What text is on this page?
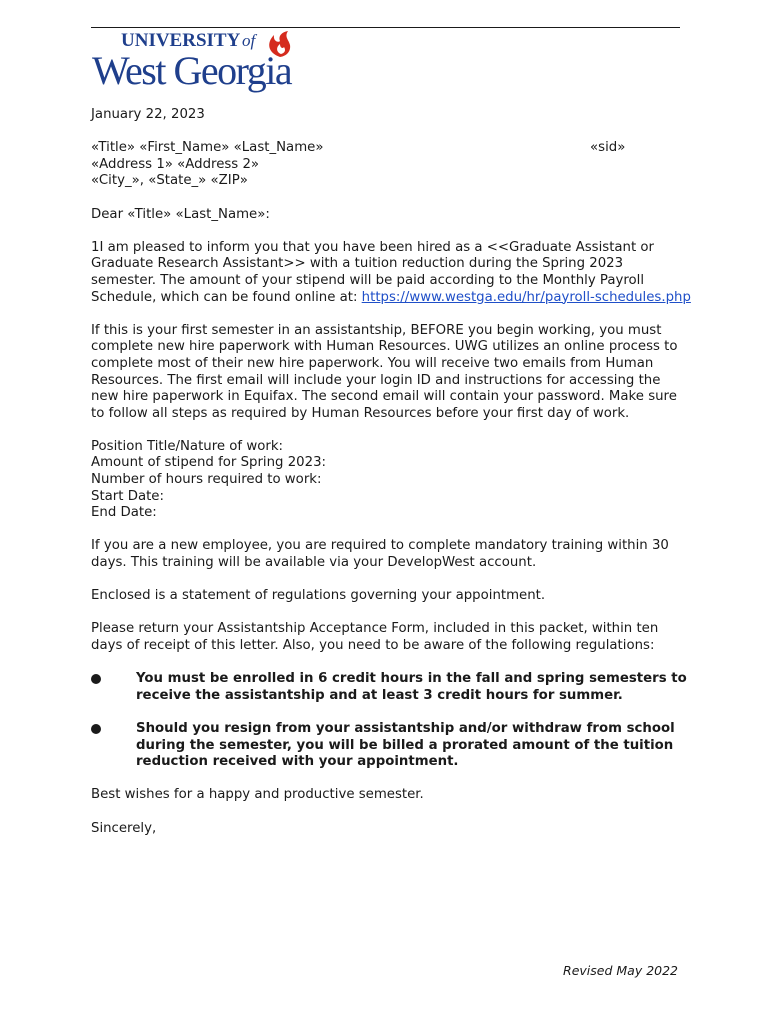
UNIVERSITY of
West Georgia

January 22, 2023

«Title» «First_Name» «Last_Name»	«sid»
«Address 1» «Address 2»
«City_», «State_» «ZIP»

Dear «Title» «Last_Name»:

1I am pleased to inform you that you have been hired as a <<Graduate Assistant or Graduate Research Assistant>> with a tuition reduction during the Spring 2023 semester. The amount of your stipend will be paid according to the Monthly Payroll Schedule, which can be found online at: https://www.westga.edu/hr/payroll-schedules.php

If this is your first semester in an assistantship, BEFORE you begin working, you must complete new hire paperwork with Human Resources. UWG utilizes an online process to complete most of their new hire paperwork. You will receive two emails from Human Resources. The first email will include your login ID and instructions for accessing the new hire paperwork in Equifax. The second email will contain your password. Make sure to follow all steps as required by Human Resources before your first day of work.

Position Title/Nature of work:
Amount of stipend for Spring 2023:
Number of hours required to work:
Start Date:
End Date:

If you are a new employee, you are required to complete mandatory training within 30 days. This training will be available via your DevelopWest account.

Enclosed is a statement of regulations governing your appointment.

Please return your Assistantship Acceptance Form, included in this packet, within ten days of receipt of this letter. Also, you need to be aware of the following regulations:

You must be enrolled in 6 credit hours in the fall and spring semesters to receive the assistantship and at least 3 credit hours for summer.
Should you resign from your assistantship and/or withdraw from school during the semester, you will be billed a prorated amount of the tuition reduction received with your appointment.

Best wishes for a happy and productive semester.

Sincerely,

Revised May 2022
